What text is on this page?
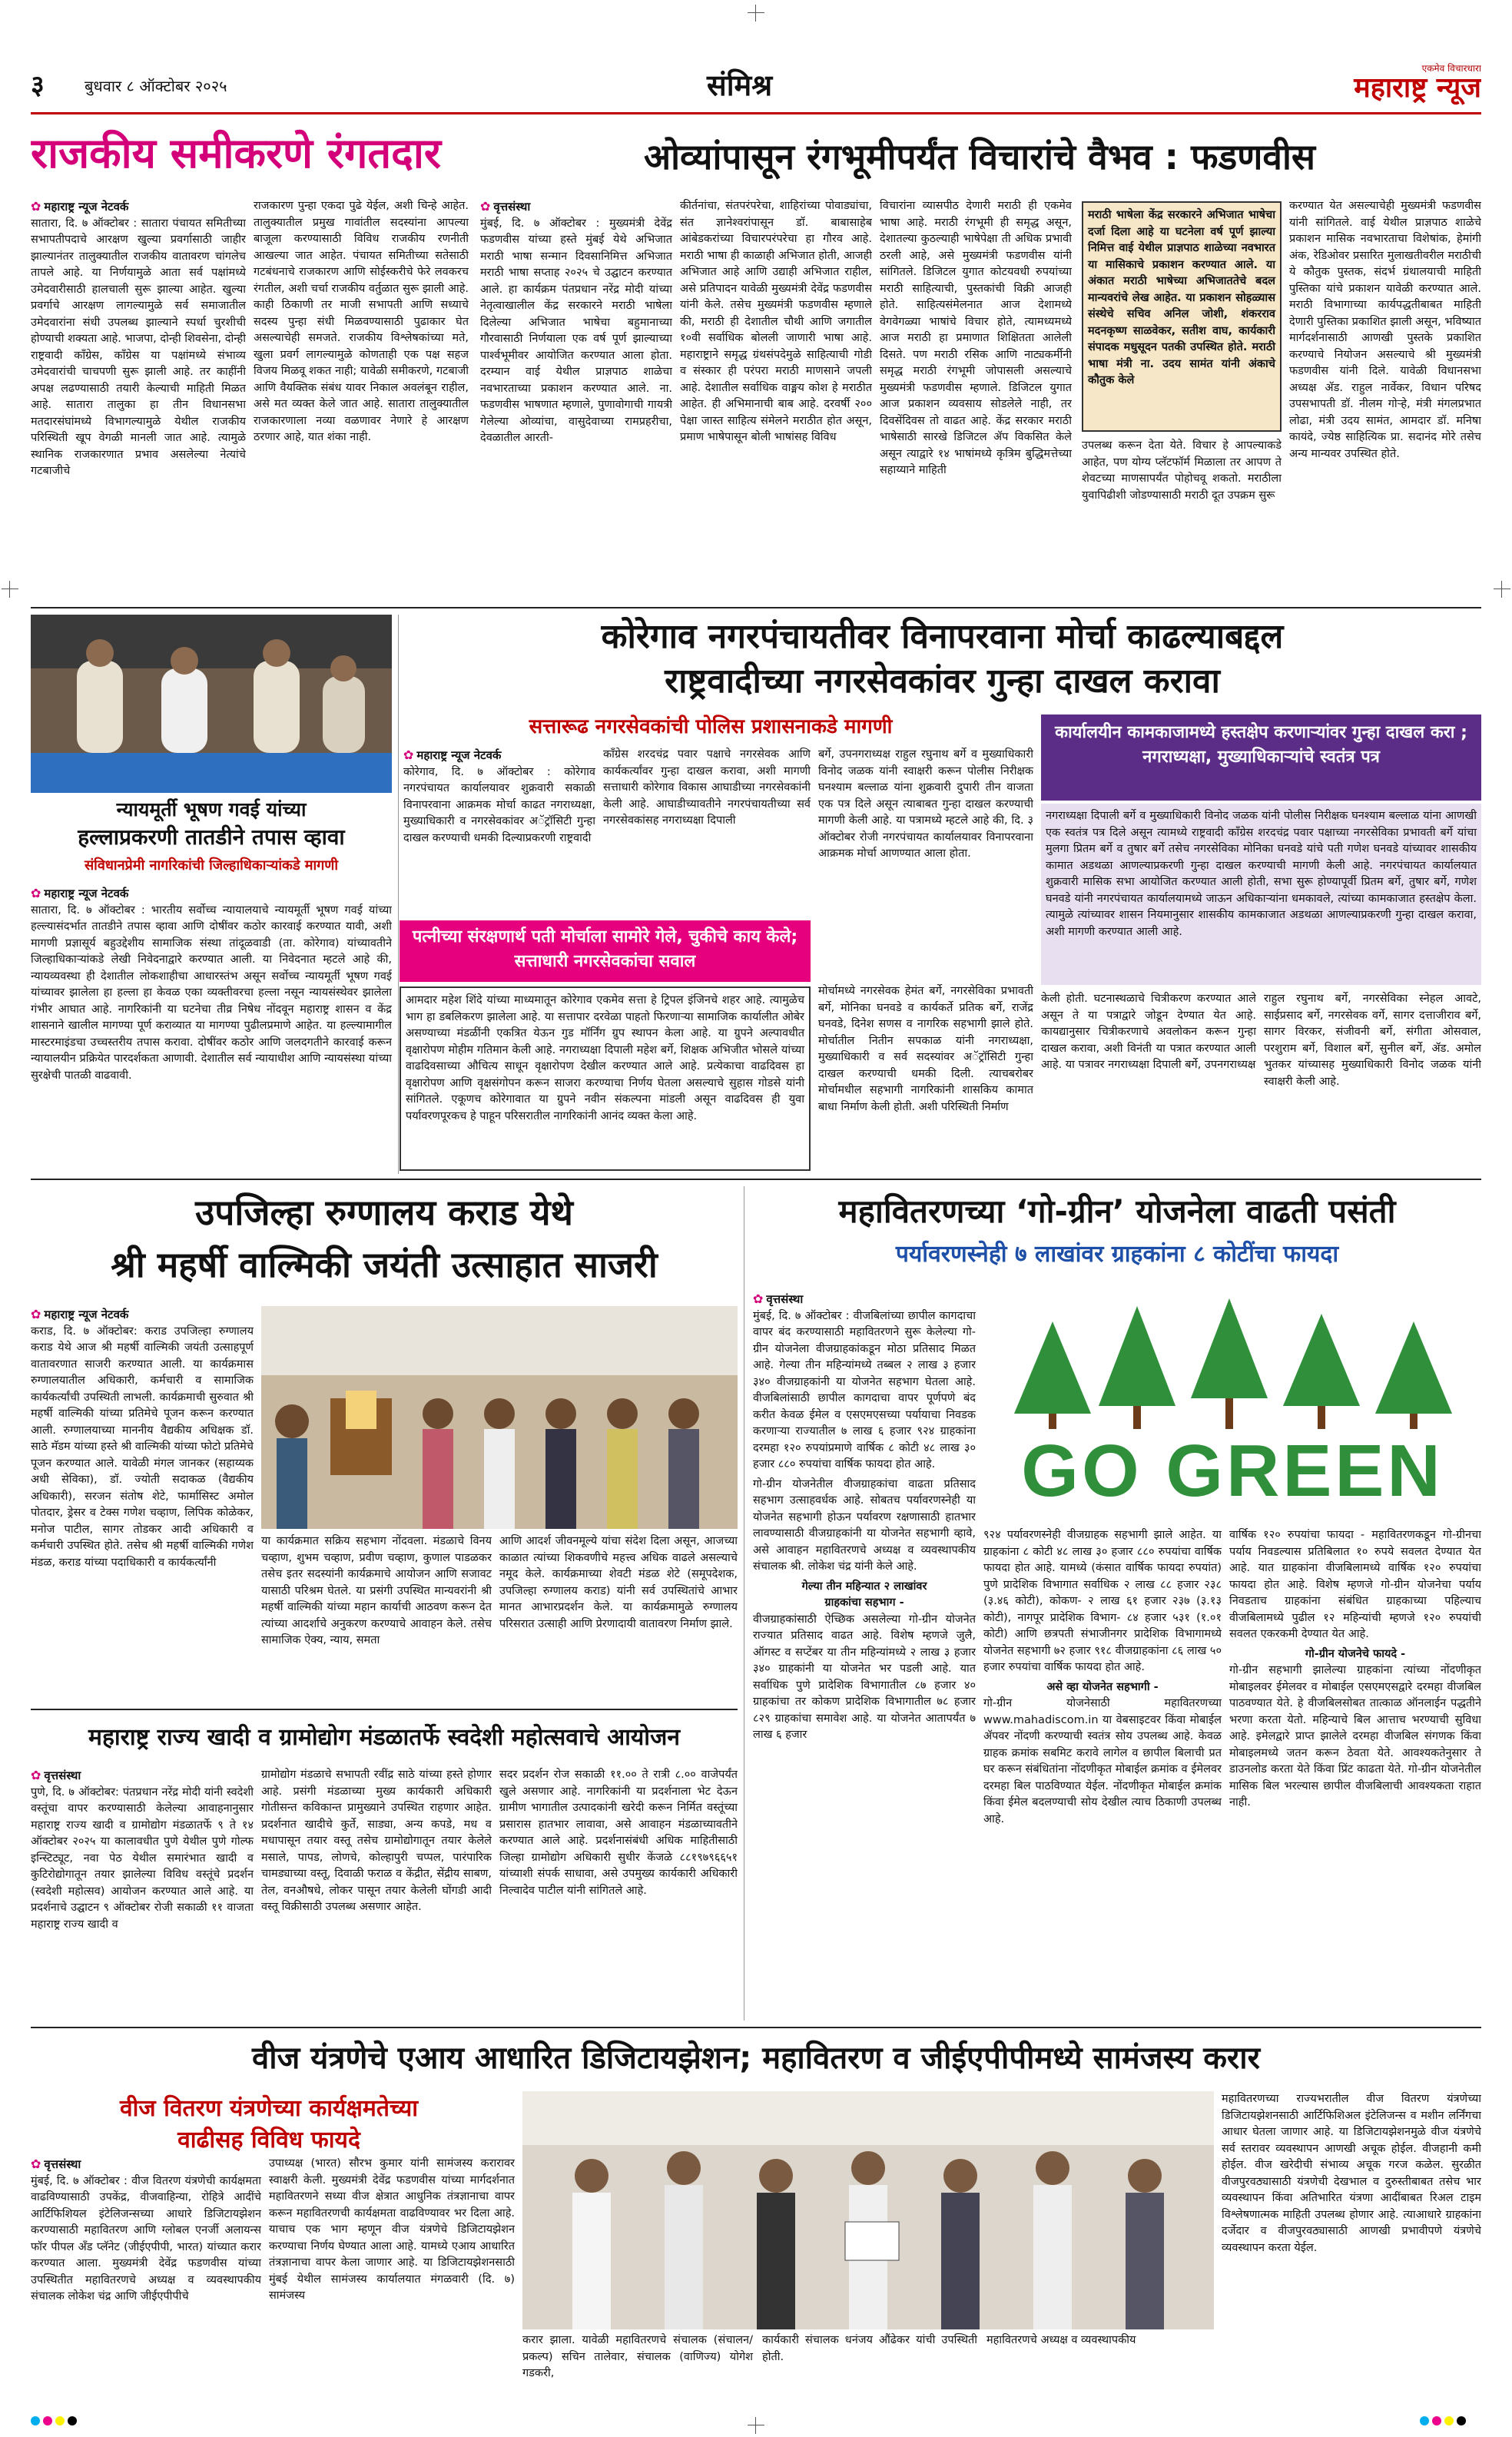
३	बुधवार ८ ऑक्टोबर २०२५	संमिश्र	एकमेव विचारधारा
महाराष्ट्र न्यूज
राजकीय समीकरणे रंगतदार
✿ महाराष्ट्र न्यूज नेटवर्क

सातारा, दि. ७ ऑक्टोबर : सातारा पंचायत समितीच्या सभापतीपदाचे आरक्षण खुल्या प्रवर्गासाठी जाहीर झाल्यानंतर तालुक्यातील राजकीय वातावरण चांगलेच तापले आहे. या निर्णयामुळे आता सर्व पक्षांमध्ये उमेदवारीसाठी हालचाली सुरू झाल्या आहेत. खुल्या प्रवर्गाचे आरक्षण लागल्यामुळे सर्व समाजातील उमेदवारांना संधी उपलब्ध झाल्याने स्पर्धा चुरशीची होण्याची शक्यता आहे. भाजपा, दोन्ही शिवसेना, दोन्ही राष्ट्रवादी काँग्रेस, काँग्रेस या पक्षांमध्ये संभाव्य उमेदवारांची चाचपणी सुरू झाली आहे. तर काहींनी अपक्ष लढण्यासाठी तयारी केल्याची माहिती मिळत आहे. सातारा तालुका हा तीन विधानसभा मतदारसंघांमध्ये विभागल्यामुळे येथील राजकीय परिस्थिती खूप वेगळी मानली जात आहे. त्यामुळे स्थानिक राजकारणात प्रभाव असलेल्या नेत्यांचे गटबाजीचे

राजकारण पुन्हा एकदा पुढे येईल, अशी चिन्हे आहेत. तालुक्यातील प्रमुख गावांतील सदस्यांना आपल्या बाजूला करण्यासाठी विविध राजकीय रणनीती आखल्या जात आहेत. पंचायत समितीच्या सतेसाठी गटबंधनाचे राजकारण आणि सोईस्करीचे फेरे लवकरच रंगतील, अशी चर्चा राजकीय वर्तुळात सुरू झाली आहे. काही ठिकाणी तर माजी सभापती आणि सध्याचे सदस्य पुन्हा संधी मिळवण्यासाठी पुढाकार घेत असल्याचेही समजते. राजकीय विश्लेषकांच्या मते, खुला प्रवर्ग लागल्यामुळे कोणताही एक पक्ष सहज विजय मिळवू शकत नाही; यावेळी समीकरणे, गटबाजी आणि वैयक्तिक संबंध यावर निकाल अवलंबून राहील, असे मत व्यक्त केले जात आहे. सातारा तालुक्यातील राजकारणाला नव्या वळणावर नेणारे हे आरक्षण ठरणार आहे, यात शंका नाही.

ओव्यांपासून रंगभूमीपर्यंत विचारांचे वैभव : फडणवीस
✿ वृत्तसंस्था

मुंबई, दि. ७ ऑक्टोबर : मुख्यमंत्री देवेंद्र फडणवीस यांच्या हस्ते मुंबई येथे अभिजात मराठी भाषा सन्मान दिवसानिमित्त अभिजात मराठी भाषा सप्ताह २०२५ चे उद्घाटन करण्यात आले. हा कार्यक्रम पंतप्रधान नरेंद्र मोदी यांच्या नेतृत्वाखालील केंद्र सरकारने मराठी भाषेला दिलेल्या अभिजात भाषेचा बहुमानाच्या गौरवासाठी निर्णयाला एक वर्ष पूर्ण झाल्याच्या पार्श्वभूमीवर आयोजित करण्यात आला होता. दरम्यान वाई येथील प्राज्ञपाठ शाळेचा नवभारताच्या प्रकाशन करण्यात आले. ना. फडणवीस भाषणात म्हणाले, पुणावोगाची गायत्री गेलेल्या ओव्यांचा, वासुदेवाच्या रामप्रहरीचा, देवळातील आरती-

कीर्तनांचा, संतपरंपरेचा, शाहिरांच्या पोवाड्यांचा, संत ज्ञानेश्वरांपासून डॉ. बाबासाहेब आंबेडकरांच्या विचारपरंपरेचा हा गौरव आहे. मराठी भाषा ही काळाही अभिजात होती, आजही अभिजात आहे आणि उद्याही अभिजात राहील, असे प्रतिपादन यावेळी मुख्यमंत्री देवेंद्र फडणवीस यांनी केले. तसेच मुख्यमंत्री फडणवीस म्हणाले की, मराठी ही देशातील चौथी आणि जगातील १०वी सर्वाधिक बोलली जाणारी भाषा आहे. महाराष्ट्राने समृद्ध ग्रंथसंपदेमुळे साहित्याची गोडी व संस्कार ही परंपरा मराठी माणसाने जपली आहे. देशातील सर्वाधिक वाङ्मय कोश हे मराठीत आहेत. ही अभिमानाची बाब आहे. दरवर्षी २०० पेक्षा जास्त साहित्य संमेलने मराठीत होत असून, प्रमाण भाषेपासून बोली भाषांसह विविध

विचारांना व्यासपीठ देणारी मराठी ही एकमेव भाषा आहे. मराठी रंगभूमी ही समृद्ध असून, देशातल्या कुठल्याही भाषेपेक्षा ती अधिक प्रभावी ठरली आहे, असे मुख्यमंत्री फडणवीस यांनी सांगितले. डिजिटल युगात कोटयवधी रुपयांच्या मराठी साहित्याची, पुस्तकांची विक्री आजही होते. साहित्यसंमेलनात आज देशामध्ये वेगवेगळ्या भाषांचे विचार होते, त्यामध्यमध्ये आज मराठी हा प्रमाणात शिक्षितता आलेली दिसते. पण मराठी रसिक आणि नाट्यकर्मीनी समृद्ध मराठी रंगभूमी जोपासली असल्याचे मुख्यमंत्री फडणवीस म्हणाले. डिजिटल युगात आज प्रकाशन व्यवसाय सोडलेले नाही, तर दिवसेंदिवस तो वाढत आहे. केंद्र सरकार मराठी भाषेसाठी सारखे डिजिटल ॲप विकसित केले असून त्याद्वारे १४ भाषांमध्ये कृत्रिम बुद्धिमत्तेच्या सहाय्याने माहिती

मराठी भाषेला केंद्र सरकारने अभिजात भाषेचा दर्जा दिला आहे या घटनेला वर्ष पूर्ण झाल्या निमित्त वाई येथील प्राज्ञपाठ शाळेच्या नवभारत या मासिकाचे प्रकाशन करण्यात आले. या अंकात मराठी भाषेच्या अभिजाततेचे बदल मान्यवरांचे लेख आहेत. या प्रकाशन सोहळ्यास संस्थेचे सचिव अनिल जोशी, शंकरराव मदनकृष्ण साळवेकर, सतीश वाघ, कार्यकारी संपादक मधुसूदन पतकी उपस्थित होते. मराठी भाषा मंत्री ना. उदय सामंत यांनी अंकाचे कौतुक केले

उपलब्ध करून देता येते. विचार हे आपल्याकडे आहेत, पण योग्य प्लॅटफॉर्म मिळाला तर आपण ते शेवटच्या माणसापर्यंत पोहोचवू शकतो. मराठीला युवापिढीशी जोडण्यासाठी मराठी दूत उपक्रम सुरू

करण्यात येत असल्याचेही मुख्यमंत्री फडणवीस यांनी सांगितले. वाई येथील प्राज्ञपाठ शाळेचे प्रकाशन मासिक नवभारताचा विशेषांक, हेमांगी अंक, रेडिओवर प्रसारित मुलाखतीवरील मराठीची ये कौतुक पुस्तक, संदर्भ ग्रंथालयाची माहिती पुस्तिका यांचे प्रकाशन यावेळी करण्यात आले. मराठी विभागाच्या कार्यपद्धतीबाबत माहिती देणारी पुस्तिका प्रकाशित झाली असून, भविष्यात मार्गदर्शनासाठी आणखी पुस्तके प्रकाशित करण्याचे नियोजन असल्याचे श्री मुख्यमंत्री फडणवीस यांनी दिले. यावेळी विधानसभा अध्यक्ष ॲड. राहुल नार्वेकर, विधान परिषद उपसभापती डॉ. नीलम गोऱ्हे, मंत्री मंगलप्रभात लोढा, मंत्री उदय सामंत, आमदार डॉ. मनिषा कायंदे, ज्येष्ठ साहित्यिक प्रा. सदानंद मोरे तसेच अन्य मान्यवर उपस्थित होते.

न्यायमूर्ती भूषण गवई यांच्या
हल्लाप्रकरणी तातडीने तपास व्हावा
संविधानप्रेमी नागरिकांची जिल्हाधिकाऱ्यांकडे मागणी
✿ महाराष्ट्र न्यूज नेटवर्क

सातारा, दि. ७ ऑक्टोबर : भारतीय सर्वोच्च न्यायालयाचे न्यायमूर्ती भूषण गवई यांच्या हल्ल्यासंदर्भात तातडीने तपास व्हावा आणि दोषींवर कठोर कारवाई करण्यात यावी, अशी मागणी प्रज्ञासूर्य बहुउद्देशीय सामाजिक संस्था तांदूळवाडी (ता. कोरेगाव) यांच्यावतीने जिल्हाधिकाऱ्यांकडे लेखी निवेदनाद्वारे करण्यात आली. या निवेदनात म्हटले आहे की, न्यायव्यवस्था ही देशातील लोकशाहीचा आधारस्तंभ असून सर्वोच्च न्यायमूर्ती भूषण गवई यांच्यावर झालेला हा हल्ला हा केवळ एका व्यक्तीवरचा हल्ला नसून न्यायसंस्थेवर झालेला गंभीर आघात आहे. नागरिकांनी या घटनेचा तीव्र निषेध नोंदवून महाराष्ट्र शासन व केंद्र शासनाने खालील मागण्या पूर्ण कराव्यात या मागण्या पुढीलप्रमाणे आहेत. या हल्ल्यामागील मास्टरमाइंडचा उच्चस्तरीय तपास करावा. दोषींवर कठोर आणि जलदगतीने कारवाई करून न्यायालयीन प्रक्रियेत पारदर्शकता आणावी. देशातील सर्व न्यायाधीश आणि न्यायसंस्था यांच्या सुरक्षेची पातळी वाढवावी.

कोरेगाव नगरपंचायतीवर विनापरवाना मोर्चा काढल्याबद्दल
राष्ट्रवादीच्या नगरसेवकांवर गुन्हा दाखल करावा
सत्तारूढ नगरसेवकांची पोलिस प्रशासनाकडे मागणी	कार्यालयीन कामकाजामध्ये हस्तक्षेप करणाऱ्यांवर गुन्हा दाखल करा ; नगराध्यक्षा, मुख्याधिकाऱ्यांचे स्वतंत्र पत्र
✿ महाराष्ट्र न्यूज नेटवर्क

कोरेगाव, दि. ७ ऑक्टोबर : कोरेगाव नगरपंचायत कार्यालयावर शुक्रवारी सकाळी विनापरवाना आक्रमक मोर्चा काढत नगराध्यक्षा, मुख्याधिकारी व नगरसेवकांवर अॅट्रॉसिटी गुन्हा दाखल करण्याची धमकी दिल्याप्रकरणी राष्ट्रवादी

काँग्रेस शरदचंद्र पवार पक्षाचे नगरसेवक आणि कार्यकर्त्यांवर गुन्हा दाखल करावा, अशी मागणी सत्ताधारी कोरेगाव विकास आघाडीच्या नगरसेवकांनी केली आहे. आघाडीच्यावतीने नगरपंचायतीच्या सर्व नगरसेवकांसह नगराध्यक्षा दिपाली

बर्गे, उपनगराध्यक्ष राहुल रघुनाथ बर्गे व मुख्याधिकारी विनोद जळक यांनी स्वाक्षरी करून पोलीस निरीक्षक घनश्याम बल्लाळ यांना शुक्रवारी दुपारी तीन वाजता एक पत्र दिले असून त्याबाबत गुन्हा दाखल करण्याची मागणी केली आहे. या पत्रामध्ये म्हटले आहे की, दि. ३ ऑक्टोबर रोजी नगरपंचायत कार्यालयावर विनापरवाना आक्रमक मोर्चा आणण्यात आला होता.

पत्नीच्या संरक्षणार्थ पती मोर्चाला सामोरे गेले, चुकीचे काय केले; सत्ताधारी नगरसेवकांचा सवाल

आमदार महेश शिंदे यांच्या माध्यमातून कोरेगाव एकमेव सत्ता हे ट्रिपल इंजिनचे शहर आहे. त्यामुळेच भाग हा डबलिकरण झालेला आहे. या सत्तापार दरवेळा पाहतो फिरणाऱ्या सामाजिक कार्यालीत ओबेर असण्याच्या मंडळींनी एकत्रित येऊन गुड मॉर्निंग ग्रुप स्थापन केला आहे. या ग्रुपने अल्पावधीत वृक्षारोपण मोहीम गतिमान केली आहे. नगराध्यक्षा दिपाली महेश बर्गे, शिक्षक अभिजीत भोसले यांच्या वाढदिवसाच्या औचित्य साधून वृक्षारोपण देखील करण्यात आले आहे. प्रत्येकाचा वाढदिवस हा वृक्षारोपण आणि वृक्षसंगोपन करून साजरा करण्याचा निर्णय घेतला असल्याचे सुहास गोडसे यांनी सांगितले. एकूणच कोरेगावात या ग्रुपने नवीन संकल्पना मांडली असून वाढदिवस ही युवा पर्यावरणपूरकच हे पाहून परिसरातील नागरिकांनी आनंद व्यक्त केला आहे.

मोर्चामध्ये नगरसेवक हेमंत बर्गे, नगरसेविका प्रभावती बर्गे, मोनिका घनवडे व कार्यकर्ते प्रतिक बर्गे, राजेंद्र घनवडे, दिनेश सणस व नागरिक सहभागी झाले होते. मोर्चातील नितीन सपकाळ यांनी नगराध्यक्षा, मुख्याधिकारी व सर्व सदस्यांवर अॅट्रॉसिटी गुन्हा दाखल करण्याची धमकी दिली. त्याचबरोबर मोर्चामधील सहभागी नागरिकांनी शासकिय कामात बाधा निर्माण केली होती. अशी परिस्थिती निर्माण

नगराध्यक्षा दिपाली बर्गे व मुख्याधिकारी विनोद जळक यांनी पोलीस निरीक्षक घनश्याम बल्लाळ यांना आणखी एक स्वतंत्र पत्र दिले असून त्यामध्ये राष्ट्रवादी काँग्रेस शरदचंद्र पवार पक्षाच्या नगरसेविका प्रभावती बर्गे यांचा मुलगा प्रितम बर्गे व तुषार बर्गे तसेच नगरसेविका मोनिका घनवडे यांचे पती गणेश घनवडे यांच्यावर शासकीय कामात अडथळा आणल्याप्रकरणी गुन्हा दाखल करण्याची मागणी केली आहे. नगरपंचायत कार्यालयात शुक्रवारी मासिक सभा आयोजित करण्यात आली होती, सभा सुरू होण्यापूर्वी प्रितम बर्गे, तुषार बर्गे, गणेश घनवडे यांनी नगरपंचायत कार्यालयामध्ये जाऊन अधिकाऱ्यांना धमकावले, त्यांच्या कामकाजात हस्तक्षेप केला. त्यामुळे त्यांच्यावर शासन नियमानुसार शासकीय कामकाजात अडथळा आणल्याप्रकरणी गुन्हा दाखल करावा, अशी मागणी करण्यात आली आहे.

केली होती. घटनास्थळाचे चित्रीकरण करण्यात आले असून ते या पत्राद्वारे जोडून देण्यात येत आहे. कायद्यानुसार चित्रीकरणाचे अवलोकन करून गुन्हा दाखल करावा, अशी विनंती या पत्रात करण्यात आली आहे. या पत्रावर नगराध्यक्षा दिपाली बर्गे, उपनगराध्यक्ष

राहुल रघुनाथ बर्गे, नगरसेविका स्नेहल आवटे, साईप्रसाद बर्गे, नगरसेवक वर्गे, सागर दत्ताजीराव बर्गे, सागर विरकर, संजीवनी बर्गे, संगीता ओसवाल, परशुराम बर्गे, विशाल बर्गे, सुनील बर्गे, ॲड. अमोल भुतकर यांच्यासह मुख्याधिकारी विनोद जळक यांनी स्वाक्षरी केली आहे.

उपजिल्हा रुग्णालय कराड येथे
श्री महर्षी वाल्मिकी जयंती उत्साहात साजरी
✿ महाराष्ट्र न्यूज नेटवर्क

कराड, दि. ७ ऑक्टोबर: कराड उपजिल्हा रुग्णालय कराड येथे आज श्री महर्षी वाल्मिकी जयंती उत्साहपूर्ण वातावरणात साजरी करण्यात आली. या कार्यक्रमास रुग्णालयातील अधिकारी, कर्मचारी व सामाजिक कार्यकर्त्यांची उपस्थिती लाभली. कार्यक्रमाची सुरुवात श्री महर्षी वाल्मिकी यांच्या प्रतिमेचे पूजन करून करण्यात आली. रुग्णालयाच्या माननीय वैद्यकीय अधिक्षक डॉ. साठे मॅडम यांच्या हस्ते श्री वाल्मिकी यांच्या फोटो प्रतिमेचे पूजन करण्यात आले. यावेळी मंगल जानकर (सहाय्यक अधी सेविका), डॉ. ज्योती सदाकळ (वैद्यकीय अधिकारी), सरजन संतोष शेटे, फार्मासिस्ट अमोल पोतदार, ड्रेसर व टेक्स गणेश चव्हाण, लिपिक कोळेकर, मनोज पाटील, सागर तोडकर आदी अधिकारी व कर्मचारी उपस्थित होते. तसेच श्री महर्षी वाल्मिकी गणेश मंडळ, कराड यांच्या पदाधिकारी व कार्यकर्त्यांनी

या कार्यक्रमात सक्रिय सहभाग नोंदवला. मंडळाचे विनय चव्हाण, शुभम चव्हाण, प्रवीण चव्हाण, कुणाल पाडळकर तसेच इतर सदस्यांनी कार्यक्रमाचे आयोजन आणि सजावट यासाठी परिश्रम घेतले. या प्रसंगी उपस्थित मान्यवरांनी श्री महर्षी वाल्मिकी यांच्या महान कार्याची आठवण करून देत त्यांच्या आदर्शाचे अनुकरण करण्याचे आवाहन केले. तसेच सामाजिक ऐक्य, न्याय, समता

आणि आदर्श जीवनमूल्ये यांचा संदेश दिला असून, आजच्या काळात त्यांच्या शिकवणीचे महत्त्व अधिक वाढले असल्याचे नमूद केले. कार्यक्रमाच्या शेवटी मंडळ शेटे (समूपदेशक, उपजिल्हा रुग्णालय कराड) यांनी सर्व उपस्थितांचे आभार मानत आभारप्रदर्शन केले. या कार्यक्रमामुळे रुग्णालय परिसरात उत्साही आणि प्रेरणादायी वातावरण निर्माण झाले.

महाराष्ट्र राज्य खादी व ग्रामोद्योग मंडळातर्फे स्वदेशी महोत्सवाचे आयोजन
✿ वृत्तसंस्था

पुणे, दि. ७ ऑक्टोबर: पंतप्रधान नरेंद्र मोदी यांनी स्वदेशी वस्तूंचा वापर करण्यासाठी केलेल्या आवाहनानुसार महाराष्ट्र राज्य खादी व ग्रामोद्योग मंडळातर्फे ९ ते १४ ऑक्टोबर २०२५ या कालावधीत पुणे येथील पुणे गोल्फ इन्स्टिट्यूट, नवा पेठ येथील समारंभात खादी व कुटिरोद्योगातून तयार झालेल्या विविध वस्तूंचे प्रदर्शन (स्वदेशी महोत्सव) आयोजन करण्यात आले आहे. या प्रदर्शनाचे उद्घाटन ९ ऑक्टोबर रोजी सकाळी ११ वाजता महाराष्ट्र राज्य खादी व

ग्रामोद्योग मंडळाचे सभापती रवींद्र साठे यांच्या हस्ते होणार आहे. प्रसंगी मंडळाच्या मुख्य कार्यकारी अधिकारी गोतीसन्त कविकान्त प्रामुख्याने उपस्थित राहणार आहेत. प्रदर्शनात खादीचे कुर्ते, साड्या, अन्य कपडे, मध व मधापासून तयार वस्तू तसेच ग्रामोद्योगातून तयार केलेले मसाले, पापड, लोणचे, कोल्हापुरी चप्पल, पारंपारिक चामड्याच्या वस्तू, दिवाळी फराळ व केंद्रीत, सेंद्रीय साबण, तेल, वनऔषधे, लोकर पासून तयार केलेली घोंगडी आदी वस्तू विक्रीसाठी उपलब्ध असणार आहेत.

सदर प्रदर्शन रोज सकाळी ११.०० ते रात्री ८.०० वाजेपर्यंत खुले असणार आहे. नागरिकांनी या प्रदर्शनाला भेट देऊन ग्रामीण भागातील उत्पादकांनी खरेदी करून निर्मित वस्तूंच्या प्रसारास हातभार लावावा, असे आवाहन मंडळाच्यावतीने करण्यात आले आहे. प्रदर्शनासंबंधी अधिक माहितीसाठी जिल्हा ग्रामोद्योग अधिकारी सुधीर केंजळे ८८१९७९६६५१ यांच्याशी संपर्क साधावा, असे उपमुख्य कार्यकारी अधिकारी निल्वादेव पाटील यांनी सांगितले आहे.

महावितरणच्या ‘गो-ग्रीन’ योजनेला वाढती पसंती
पर्यावरणस्नेही ७ लाखांवर ग्राहकांना ८ कोटींचा फायदा
✿ वृत्तसंस्था

मुंबई, दि. ७ ऑक्टोबर : वीजबिलांच्या छापील कागदाचा वापर बंद करण्यासाठी महावितरणने सुरू केलेल्या गो-ग्रीन योजनेला वीजग्राहकांकडून मोठा प्रतिसाद मिळत आहे. गेल्या तीन महिन्यांमध्ये तब्बल २ लाख ३ हजार ३४० वीजग्राहकांनी या योजनेत सहभाग घेतला आहे. वीजबिलांसाठी छापील कागदाचा वापर पूर्णपणे बंद करीत केवळ ईमेल व एसएमएसच्या पर्यायाचा निवडक करणाऱ्या राज्यातील ७ लाख ६ हजार ९२४ ग्राहकांना दरमहा १२० रुपयांप्रमाणे वार्षिक ८ कोटी ४८ लाख ३० हजार ८८० रुपयांचा वार्षिक फायदा होत आहे.

गो-ग्रीन योजनेतील वीजग्राहकांचा वाढता प्रतिसाद सहभाग उत्साहवर्धक आहे. सोबतच पर्यावरणस्नेही या योजनेत सहभागी होऊन पर्यावरण रक्षणासाठी हातभार लावण्यासाठी वीजग्राहकांनी या योजनेत सहभागी व्हावे, असे आवाहन महावितरणचे अध्यक्ष व व्यवस्थापकीय संचालक श्री. लोकेश चंद्र यांनी केले आहे.

गेल्या तीन महिन्यात २ लाखांवर
ग्राहकांचा सहभाग -

वीजग्राहकांसाठी ऐच्छिक असलेल्या गो-ग्रीन योजनेत राज्यात प्रतिसाद वाढत आहे. विशेष म्हणजे जुलै, ऑगस्ट व सप्टेंबर या तीन महिन्यांमध्ये २ लाख ३ हजार ३४० ग्राहकांनी या योजनेत भर पडली आहे. यात सर्वाधिक पुणे प्रादेशिक विभागातील ८७ हजार ४० ग्राहकांचा तर कोकण प्रादेशिक विभागातील ७८ हजार ८२९ ग्राहकांचा समावेश आहे. या योजनेत आतापर्यंत ७ लाख ६ हजार

GO GREEN

९२४ पर्यावरणस्नेही वीजग्राहक सहभागी झाले आहेत. या ग्राहकांना ८ कोटी ४८ लाख ३० हजार ८८० रुपयांचा वार्षिक फायदा होत आहे. यामध्ये (कंसात वार्षिक फायदा रुपयांत) पुणे प्रादेशिक विभागात सर्वाधिक २ लाख ८८ हजार २३८ (३.४६ कोटी), कोकण- २ लाख ६१ हजार २३७ (३.१३ कोटी), नागपूर प्रादेशिक विभाग- ८४ हजार ५३१ (१.०१ कोटी) आणि छत्रपती संभाजीनगर प्रादेशिक विभागामध्ये योजनेत सहभागी ७२ हजार ९१८ वीजग्राहकांना ८६ लाख ५० हजार रुपयांचा वार्षिक फायदा होत आहे.

असे व्हा योजनेत सहभागी -

गो-ग्रीन योजनेसाठी महावितरणच्या www.mahadiscom.in या वेबसाइटवर किंवा मोबाईल ॲपवर नोंदणी करण्याची स्वतंत्र सोय उपलब्ध आहे. केवळ ग्राहक क्रमांक सबमिट करावे लागेल व छापील बिलाची प्रत घर करून संबंधितांना नोंदणीकृत मोबाईल क्रमांक व ईमेलवर दरमहा बिल पाठविण्यात येईल. नोंदणीकृत मोबाईल क्रमांक किंवा ईमेल बदलण्याची सोय देखील त्याच ठिकाणी उपलब्ध आहे.

वार्षिक १२० रुपयांचा फायदा - महावितरणकडून गो-ग्रीनचा पर्याय निवडल्यास प्रतिबिलात १० रुपये सवलत देण्यात येत आहे. यात ग्राहकांना वीजबिलामध्ये वार्षिक १२० रुपयांचा फायदा होत आहे. विशेष म्हणजे गो-ग्रीन योजनेचा पर्याय निवडताच ग्राहकांना संबंधित ग्राहकाच्या पहिल्याच वीजबिलामध्ये पुढील १२ महिन्यांची म्हणजे १२० रुपयांची सवलत एकरकमी देण्यात येत आहे.

गो-ग्रीन योजनेचे फायदे -

गो-ग्रीन सहभागी झालेल्या ग्राहकांना त्यांच्या नोंदणीकृत मोबाइलवर ईमेलवर व मोबाईल एसएमएसद्वारे दरमहा वीजबिल पाठवण्यात येते. हे वीजबिलसोबत तात्काळ ऑनलाईन पद्धतीने भरणा करता येतो. महिन्याचे बिल आत्ताच भरण्याची सुविधा आहे. इमेलद्वारे प्राप्त झालेले दरमहा वीजबिल संगणक किंवा मोबाइलमध्ये जतन करून ठेवता येते. आवश्यकतेनुसार ते डाउनलोड करता येते किंवा प्रिंट काढता येते. गो-ग्रीन योजनेतील मासिक बिल भरल्यास छापील वीजबिलाची आवश्यकता राहात नाही.

वीज यंत्रणेचे एआय आधारित डिजिटायझेशन; महावितरण व जीईएपीपीमध्ये सामंजस्य करार
वीज वितरण यंत्रणेच्या कार्यक्षमतेच्या
वाढीसह विविध फायदे
✿ वृत्तसंस्था

मुंबई, दि. ७ ऑक्टोबर : वीज वितरण यंत्रणेची कार्यक्षमता वाढविण्यासाठी उपकेंद्र, वीजवाहिन्या, रोहित्रे आदींचे आर्टिफिशियल इंटेलिजन्सच्या आधारे डिजिटायझेशन करण्यासाठी महावितरण आणि ग्लोबल एनर्जी अलायन्स फॉर पीपल ॲंड प्लॅनेट (जीईएपीपी, भारत) यांच्यात करार करण्यात आला. मुख्यमंत्री देवेंद्र फडणवीस यांच्या उपस्थितीत महावितरणचे अध्यक्ष व व्यवस्थापकीय संचालक लोकेश चंद्र आणि जीईएपीपीचे

उपाध्यक्ष (भारत) सौरभ कुमार यांनी सामंजस्य करारावर स्वाक्षरी केली. मुख्यमंत्री देवेंद्र फडणवीस यांच्या मार्गदर्शनात महावितरणने सध्या वीज क्षेत्रात आधुनिक तंत्रज्ञानाचा वापर करून महावितरणची कार्यक्षमता वाढविण्यावर भर दिला आहे. याचाच एक भाग म्हणून वीज यंत्रणेचे डिजिटायझेशन करण्याचा निर्णय घेण्यात आला आहे. यामध्ये एआय आधारित तंत्रज्ञानाचा वापर केला जाणार आहे. या डिजिटायझेशनसाठी मुंबई येथील सामंजस्य कार्यालयात मंगळवारी (दि. ७) सामंजस्य

करार झाला. यावेळी महावितरणचे संचालक (संचालन/प्रकल्प) सचिन तालेवार, संचालक (वाणिज्य) योगेश गडकरी,

कार्यकारी संचालक धनंजय औंढेकर यांची उपस्थिती होती.

महावितरणचे अध्यक्ष व व्यवस्थापकीय

महावितरणच्या राज्यभरातील वीज वितरण यंत्रणेच्या डिजिटायझेशनसाठी आर्टिफिशिअल इंटेलिजन्स व मशीन लर्निंगचा आधार घेतला जाणार आहे. या डिजिटायझेशनमुळे वीज यंत्रणेचे सर्व स्तरावर व्यवस्थापन आणखी अचूक होईल. वीजहानी कमी होईल. वीज खरेदीची संभाव्य अचूक गरज कळेल. सुरळीत वीजपुरवठ्यासाठी यंत्रणेची देखभाल व दुरुस्तीबाबत तसेच भार व्यवस्थापन किंवा अतिभारित यंत्रणा आदींबाबत रिअल टाइम विश्लेषणात्मक माहिती उपलब्ध होणार आहे. त्याआधारे ग्राहकांना दर्जेदार व वीजपुरवठ्यासाठी आणखी प्रभावीपणे यंत्रणेचे व्यवस्थापन करता येईल.
